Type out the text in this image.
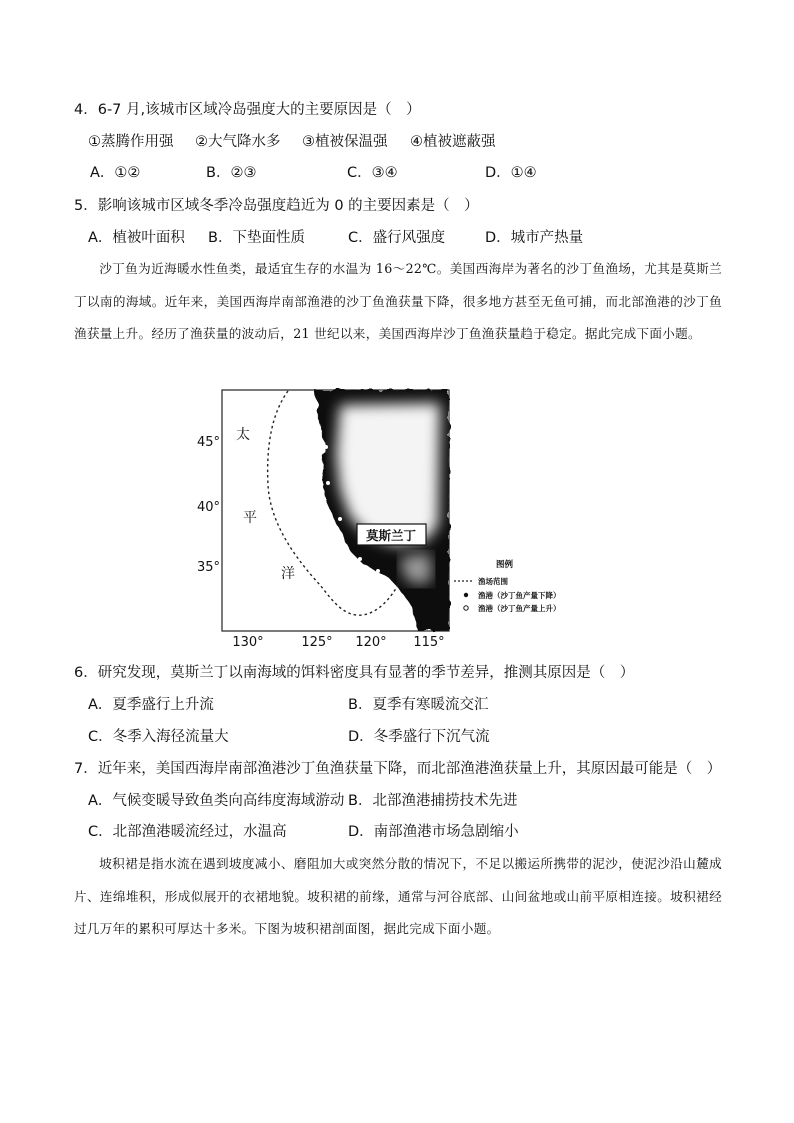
4．6-7 月,该城市区域冷岛强度大的主要原因是（　）
①蒸腾作用强 ②大气降水多 ③植被保温强 ④植被遮蔽强
A．①②	B．②③	C．③④	D．①④
5．影响该城市区域冬季冷岛强度趋近为 0 的主要因素是（　）
A．植被叶面积 B．下垫面性质	C．盛行风强度	D．城市产热量

沙丁鱼为近海暖水性鱼类，最适宜生存的水温为 16～22℃。美国西海岸为著名的沙丁鱼渔场，尤其是莫斯兰丁以南的海域。近年来，美国西海岸南部渔港的沙丁鱼渔获量下降，很多地方甚至无鱼可捕，而北部渔港的沙丁鱼渔获量上升。经历了渔获量的波动后，21 世纪以来，美国西海岸沙丁鱼渔获量趋于稳定。据此完成下面小题。

莫斯兰丁
太
平
洋
45°
40°
35°
130°	125° 120° 115°
图例
渔场范围
渔港（沙丁鱼产量下降）
渔港（沙丁鱼产量上升）
6．研究发现，莫斯兰丁以南海域的饵料密度具有显著的季节差异，推测其原因是（　）
A．夏季盛行上升流	B．夏季有寒暖流交汇
C．冬季入海径流量大	D．冬季盛行下沉气流
7．近年来，美国西海岸南部渔港沙丁鱼渔获量下降，而北部渔港渔获量上升，其原因最可能是（　）
A．气候变暖导致鱼类向高纬度海域游动 B．北部渔港捕捞技术先进
C．北部渔港暖流经过，水温高	D．南部渔港市场急剧缩小

坡积裙是指水流在遇到坡度减小、磨阻加大或突然分散的情况下，不足以搬运所携带的泥沙，使泥沙沿山麓成片、连绵堆积，形成似展开的衣裙地貌。坡积裙的前缘，通常与河谷底部、山间盆地或山前平原相连接。坡积裙经过几万年的累积可厚达十多米。下图为坡积裙剖面图，据此完成下面小题。
